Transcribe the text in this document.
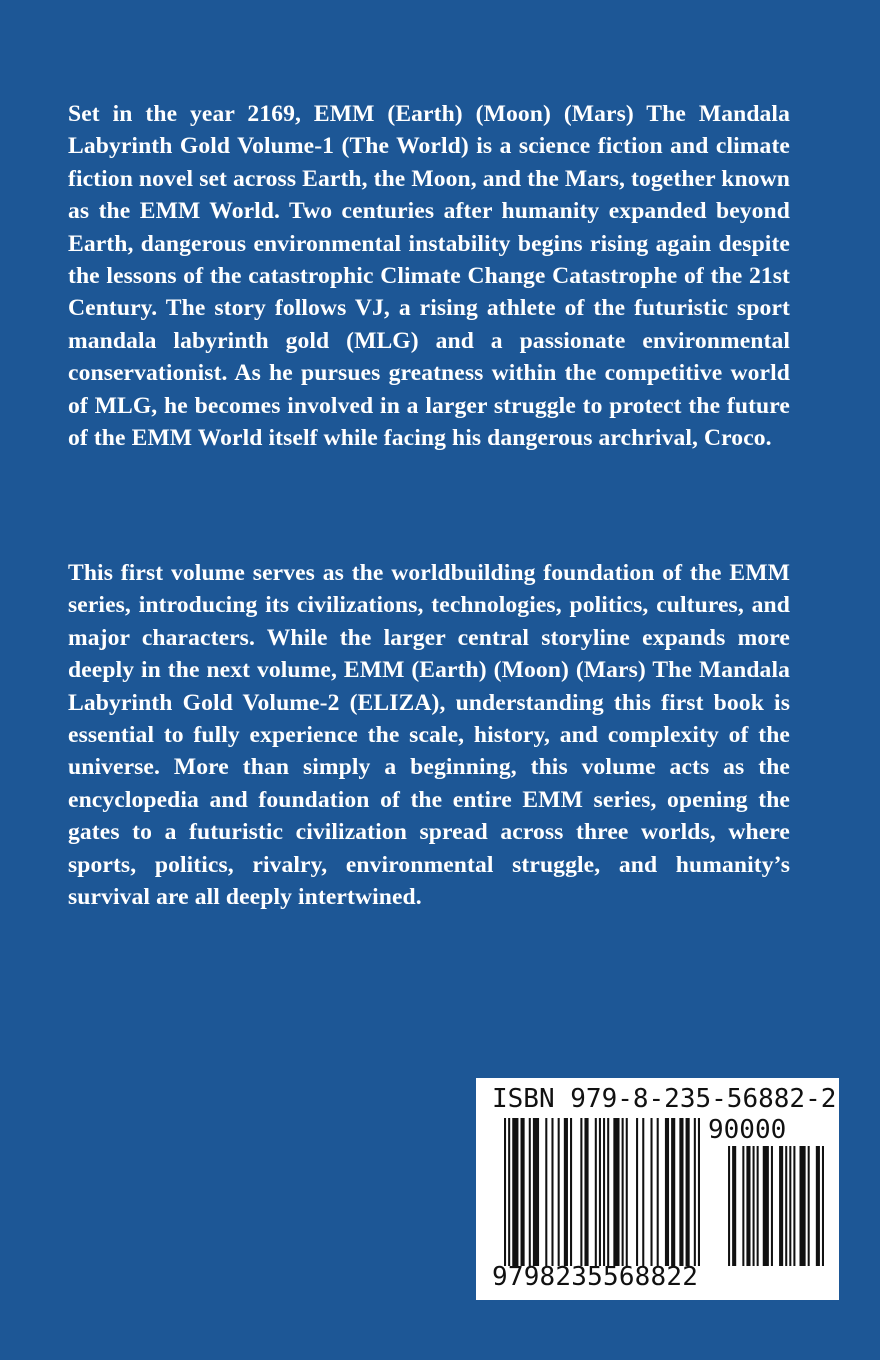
Set in the year 2169, EMM (Earth) (Moon) (Mars) The Mandala Labyrinth Gold Volume-1 (The World) is a science fiction and climate fiction novel set across Earth, the Moon, and the Mars, together known as the EMM World. Two centuries after humanity expanded beyond Earth, dangerous environmental instability begins rising again despite the lessons of the catastrophic Climate Change Catastrophe of the 21st Century. The story follows VJ, a rising athlete of the futuristic sport mandala labyrinth gold (MLG) and a passionate environmental conservationist. As he pursues greatness within the competitive world of MLG, he becomes involved in a larger struggle to protect the future of the EMM World itself while facing his dangerous archrival, Croco.

This first volume serves as the worldbuilding foundation of the EMM series, introducing its civilizations, technologies, politics, cultures, and major characters. While the larger central storyline expands more deeply in the next volume, EMM (Earth) (Moon) (Mars) The Mandala Labyrinth Gold Volume-2 (ELIZA), understanding this first book is essential to fully experience the scale, history, and complexity of the universe. More than simply a beginning, this volume acts as the encyclopedia and foundation of the entire EMM series, opening the gates to a futuristic civilization spread across three worlds, where sports, politics, rivalry, environmental struggle, and humanity’s survival are all deeply intertwined.

ISBN 979-8-235-56882-2
90000
9798235568822
